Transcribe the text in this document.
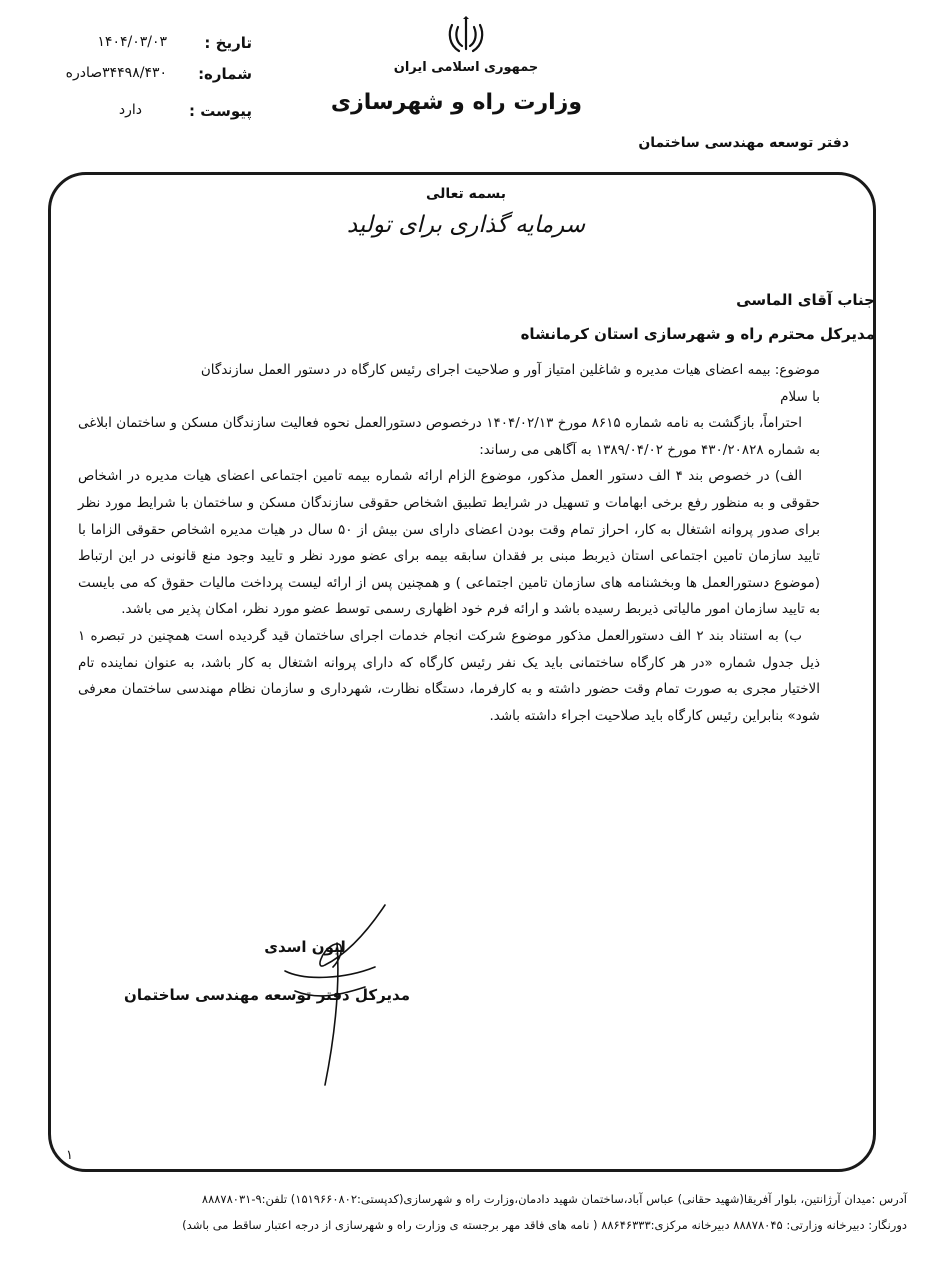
جمهوری اسلامی ایران
وزارت راه و شهرسازی
تاریخ :
۱۴۰۴/۰۳/۰۳
شماره:
۳۴۴۹۸/۴۳۰صادره
پیوست :
دارد
دفتر توسعه مهندسی ساختمان
بسمه تعالی
سرمایه گذاری برای تولید
جناب آقای الماسی
مدیرکل محترم راه و شهرسازی استان کرمانشاه

موضوع: بیمه اعضای هیات مدیره و شاغلین امتیاز آور و صلاحیت اجرای رئیس کارگاه در دستور العمل سازندگان

با سلام

احتراماً، بازگشت به نامه شماره ۸۶۱۵ مورخ ۱۴۰۴/۰۲/۱۳ درخصوص دستورالعمل نحوه فعالیت سازندگان مسکن و ساختمان ابلاغی به شماره ۴۳۰/۲۰۸۲۸ مورخ ۱۳۸۹/۰۴/۰۲ به آگاهی می رساند:

الف) در خصوص بند ۴ الف دستور العمل مذکور، موضوع الزام ارائه شماره بیمه تامین اجتماعی اعضای هیات مدیره در اشخاص حقوقی و به منظور رفع برخی ابهامات و تسهیل در شرایط تطبیق اشخاص حقوقی سازندگان مسکن و ساختمان با شرایط مورد نظر برای صدور پروانه اشتغال به کار، احراز تمام وقت بودن اعضای دارای سن بیش از ۵۰ سال در هیات مدیره اشخاص حقوقی الزاما با تایید سازمان تامین اجتماعی استان ذیربط مبنی بر فقدان سابقه بیمه برای عضو مورد نظر و تایید وجود منع قانونی در این ارتباط (موضوع دستورالعمل ها وبخشنامه های سازمان تامین اجتماعی ) و همچنین پس از ارائه لیست پرداخت مالیات حقوق که می بایست به تایید سازمان امور مالیاتی ذیربط رسیده باشد و ارائه فرم خود اظهاری رسمی توسط عضو مورد نظر، امکان پذیر می باشد.

ب) به استناد بند ۲ الف دستورالعمل مذکور موضوع شرکت انجام خدمات اجرای ساختمان قید گردیده است همچنین در تبصره ۱ ذیل جدول شماره «در هر کارگاه ساختمانی باید یک نفر رئیس کارگاه که دارای پروانه اشتغال به کار باشد، به عنوان نماینده تام الاختیار مجری به صورت تمام وقت حضور داشته و به کارفرما، دستگاه نظارت، شهرداری و سازمان نظام مهندسی ساختمان معرفی شود» بنابراین رئیس کارگاه باید صلاحیت اجراء داشته باشد.

لیون اسدی
مدیرکل دفتر توسعه مهندسی ساختمان
۱
آدرس :میدان آرژانتین، بلوار آفریقا(شهید حقانی) عباس آباد،ساختمان شهید دادمان،وزارت راه و شهرسازی(کدپستی:۱۵۱۹۶۶۰۸۰۲) تلفن:۹-۸۸۸۷۸۰۳۱
دورنگار: دبیرخانه وزارتی: ۸۸۸۷۸۰۴۵ دبیرخانه مرکزی:۸۸۶۴۶۳۳۳ ( نامه های فاقد مهر برجسته ی وزارت راه و شهرسازی از درجه اعتبار ساقط می باشد)
